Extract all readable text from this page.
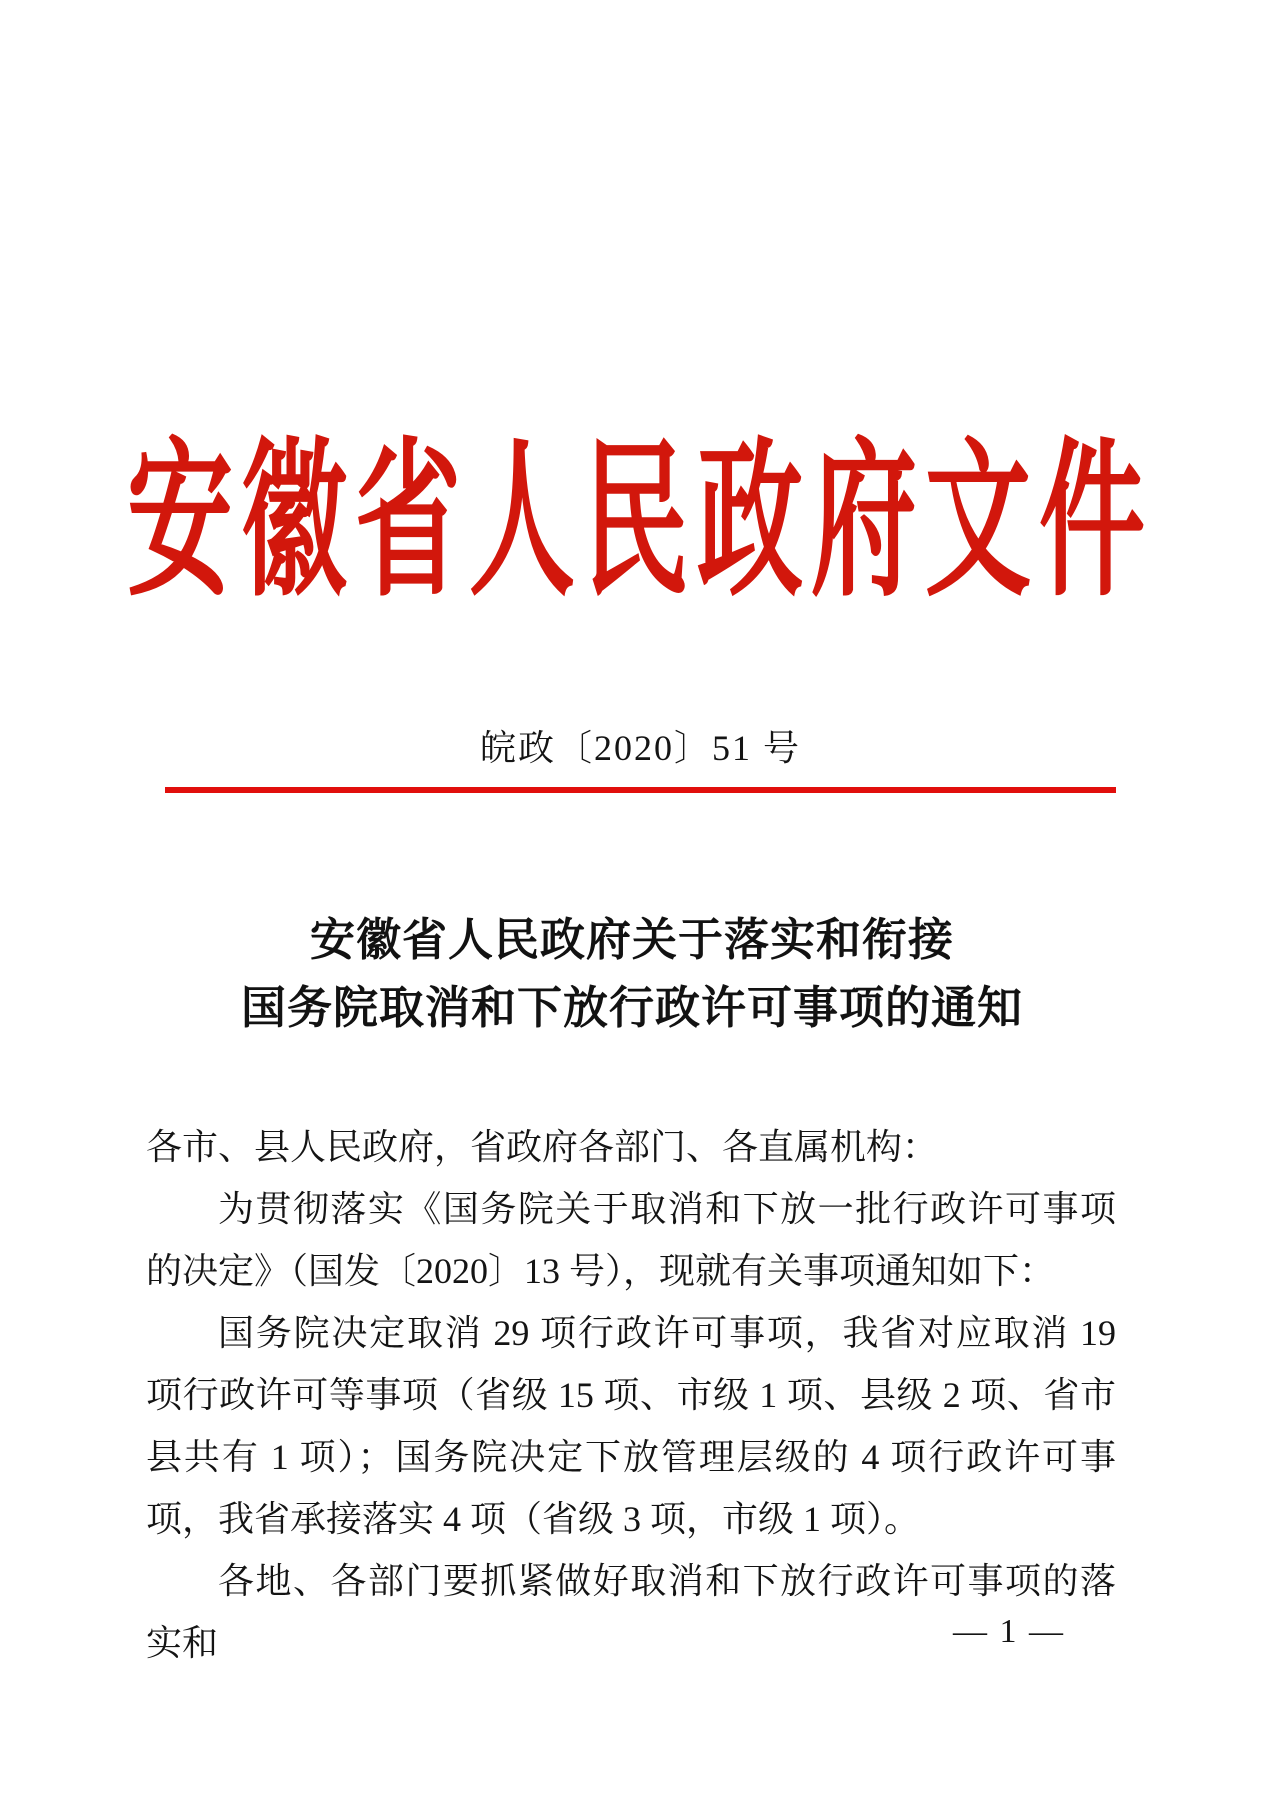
安徽省人民政府文件
皖政〔2020〕51 号
安徽省人民政府关于落实和衔接
国务院取消和下放行政许可事项的通知

各市、县人民政府，省政府各部门、各直属机构：

为贯彻落实《国务院关于取消和下放一批行政许可事项的决定》（国发〔2020〕13 号），现就有关事项通知如下：

国务院决定取消 29 项行政许可事项，我省对应取消 19 项行政许可等事项（省级 15 项、市级 1 项、县级 2 项、省市县共有 1 项）；国务院决定下放管理层级的 4 项行政许可事项，我省承接落实 4 项（省级 3 项，市级 1 项）。

各地、各部门要抓紧做好取消和下放行政许可事项的落实和	— 1 —
